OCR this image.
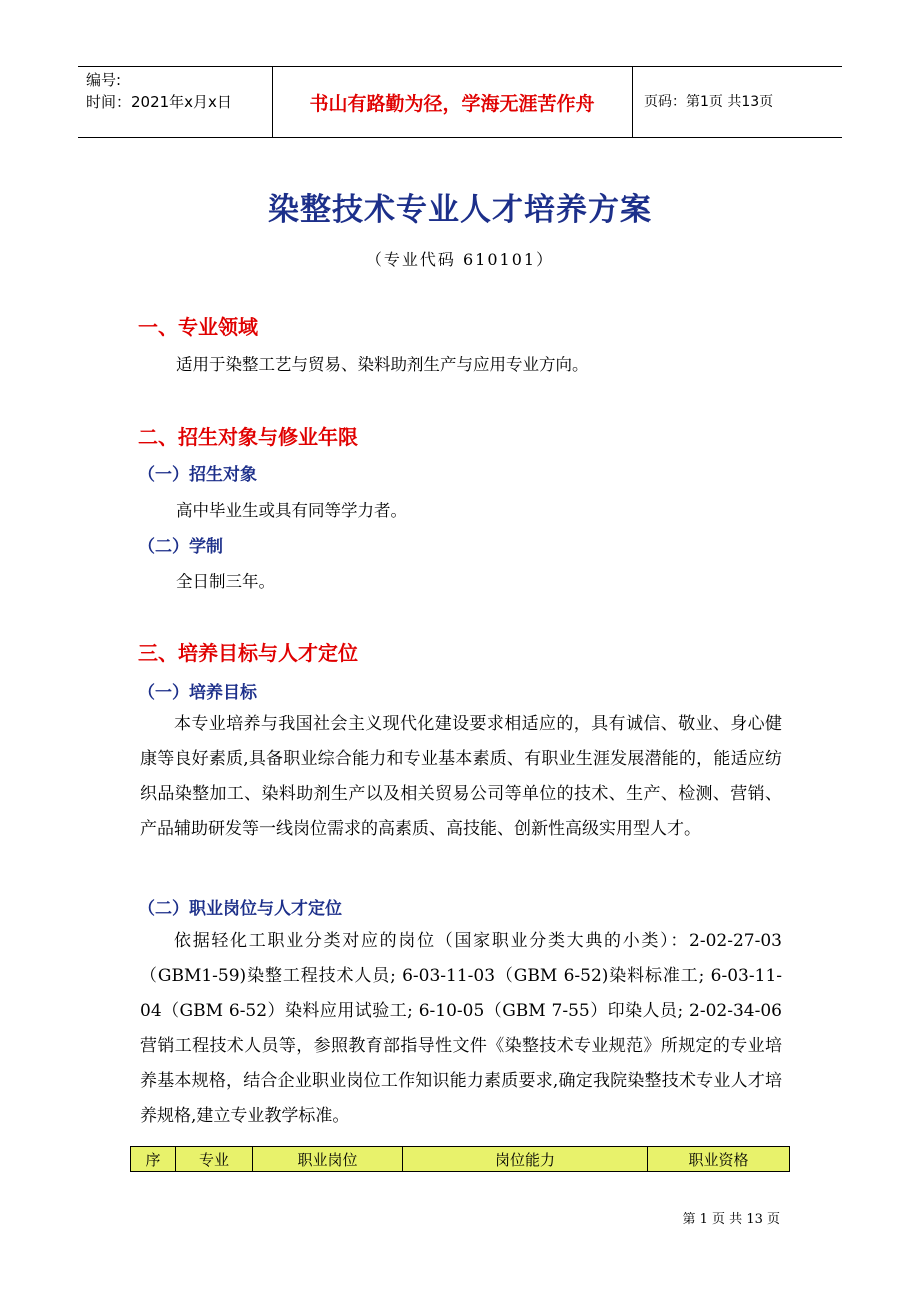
编号:
时间：2021年x月x日	书山有路勤为径，学海无涯苦作舟	页码：第1页 共13页
染整技术专业人才培养方案
（专业代码 610101）
一、专业领域
适用于染整工艺与贸易、染料助剂生产与应用专业方向。
二、招生对象与修业年限
（一）招生对象
高中毕业生或具有同等学力者。
（二）学制
全日制三年。
三、培养目标与人才定位
（一）培养目标
本专业培养与我国社会主义现代化建设要求相适应的，具有诚信、敬业、身心健康等良好素质,具备职业综合能力和专业基本素质、有职业生涯发展潜能的，能适应纺织品染整加工、染料助剂生产以及相关贸易公司等单位的技术、生产、检测、营销、产品辅助研发等一线岗位需求的高素质、高技能、创新性高级实用型人才。
（二）职业岗位与人才定位
依据轻化工职业分类对应的岗位（国家职业分类大典的小类）：2-02-27-03（GBM1-59)染整工程技术人员; 6-03-11-03（GBM 6-52)染料标准工; 6-03-11-04（GBM 6-52）染料应用试验工; 6-10-05（GBM 7-55）印染人员; 2-02-34-06营销工程技术人员等，参照教育部指导性文件《染整技术专业规范》所规定的专业培养基本规格，结合企业职业岗位工作知识能力素质要求,确定我院染整技术专业人才培养规格,建立专业教学标准。
序	专业	职业岗位	岗位能力	职业资格
第 1 页 共 13 页
